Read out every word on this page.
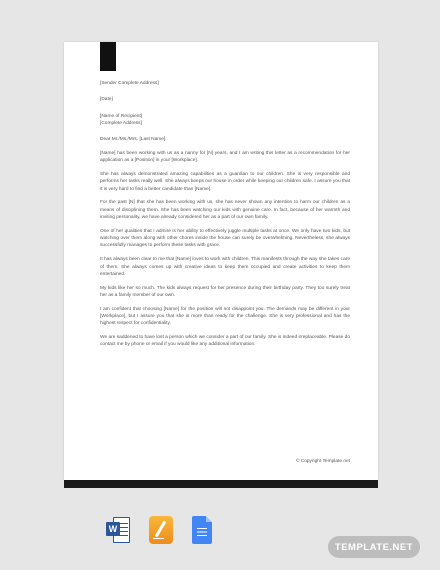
[Sender Complete Address]

[Date]

[Name of Recipient]

[Complete Address]

Dear Mr./Ms./Mrs. [Last Name],

[Name] has been working with us as a nanny for [N] years, and I am writing this letter as a recommendation for her application as a [Position] in your [Workplace].

She has always demonstrated amazing capabilities as a guardian to our children. She is very responsible and performs her tasks really well. She always keeps our house in order while keeping our children safe. I assure you that it is very hard to find a better candidate than [Name].

For the past [N] that she has been working with us, she has never shown any intention to harm our children as a means of disciplining them. She has been watching our kids with genuine care. In fact, because of her warmth and inviting personality, we have already considered her as a part of our own family.

One of her qualities that I admire is her ability to effectively juggle multiple tasks at once. We only have two kids, but watching over them along with other chores inside the house can surely be overwhelming. Nevertheless, she always successfully manages to perform these tasks with grace.

It has always been clear to me that [Name] loves to work with children. This manifests through the way she takes care of them. She always comes up with creative ideas to keep them occupied and create activities to keep them entertained.

My kids like her so much. The kids always request for her presence during their birthday party. They too surely treat her as a family member of our own.

I am confident that choosing [Name] for the position will not disappoint you. The demands may be different in your [Workplace], but I assure you that she is more than ready for the challenge. She is very professional and has the highest respect for confidentiality.

We are saddened to have lost a person which we consider a part of our family. She is indeed irreplaceable. Please do contact me by phone or email if you would like any additional information.

© Copyright Template.net
W
TEMPLATE.NET
